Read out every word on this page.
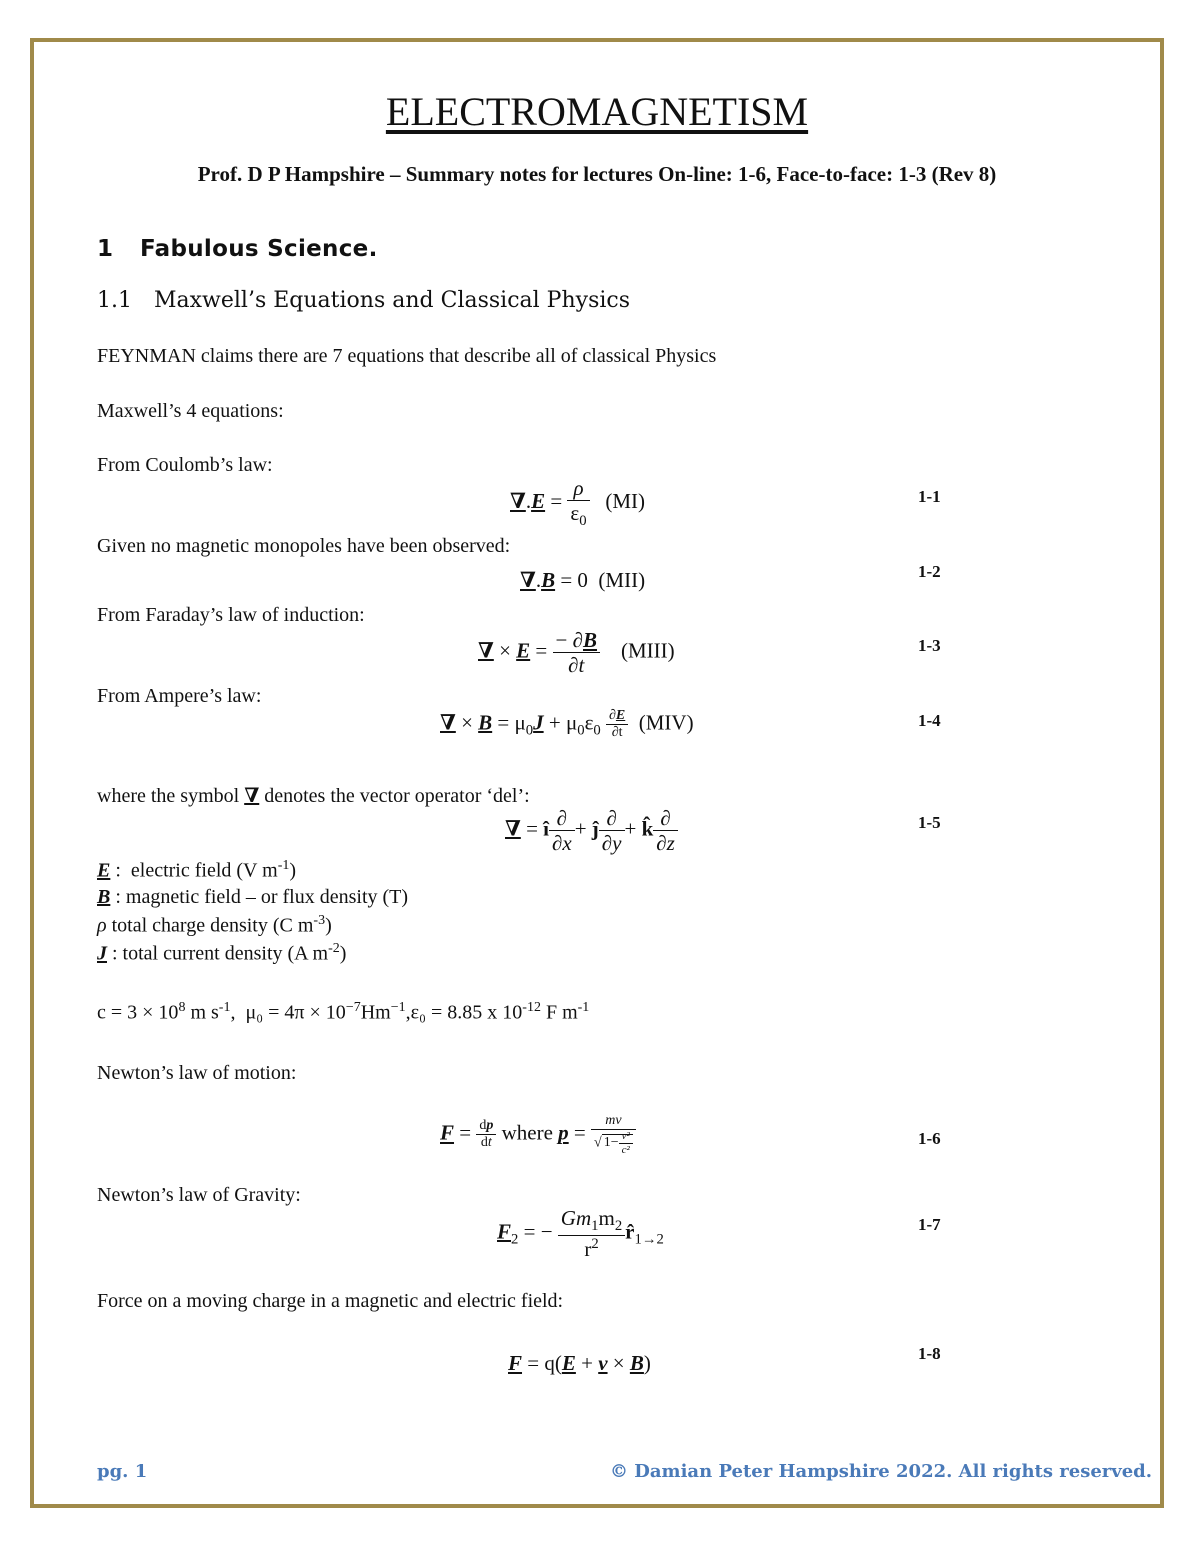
ELECTROMAGNETISM
Prof. D P Hampshire – Summary notes for lectures On-line: 1-6, Face-to-face: 1-3 (Rev 8)
1 Fabulous Science.
1.1 Maxwell’s Equations and Classical Physics
FEYNMAN claims there are 7 equations that describe all of classical Physics
Maxwell’s 4 equations:
From Coulomb’s law:
$\nabla.E = \frac{\rho}{\varepsilon_0} (MI)$	1-1
Given no magnetic monopoles have been observed:
∇.B = 0  (MII)	1-2
From Faraday’s law of induction:
∇ × $E = \frac{- \partial B}{\partial t}$ (MIII)	1-3
From Ampere’s law:
∇ × $B = \mu_0J + \mu_0\varepsilon_0 \frac{\partial E}{\partial t} (MIV)$	1-4
where the symbol ∇ denotes the vector operator ‘del’:
∇ = î $\frac{\partial}{\partial x}$ + ĵ $\frac{\partial}{\partial y}$ + k̂ $\frac{\partial}{\partial z}$	1-5
E :  electric field (V $m^{-1}$)
B : magnetic field – or flux density (T)
ρ total charge density (C $m^{-3}$)
J : total current density (A $m^{-2}$)
$c = 3 \times 10^8$ m $s^{-1}$,  $\mu_0 = 4\pi \times 10^{-7}Hm^{-1},\varepsilon_0 = 8.85$ x $10^{-12}$ F $m^{-1}$
Newton’s law of motion:
$F = \frac{dp}{dt}$ where $p = \frac{mv}{√ 1- \frac{\text{v²}}{\text{c²}}}$	1-6
Newton’s law of Gravity:
$F_2$ = − $\frac{Gm_1m_2}{r^2}$ $r̂_{1\to 2}$
1-7
Force on a moving charge in a magnetic and electric field:
F = q(E + v × B)	1-8
pg. 1	© Damian Peter Hampshire 2022. All rights reserved.
